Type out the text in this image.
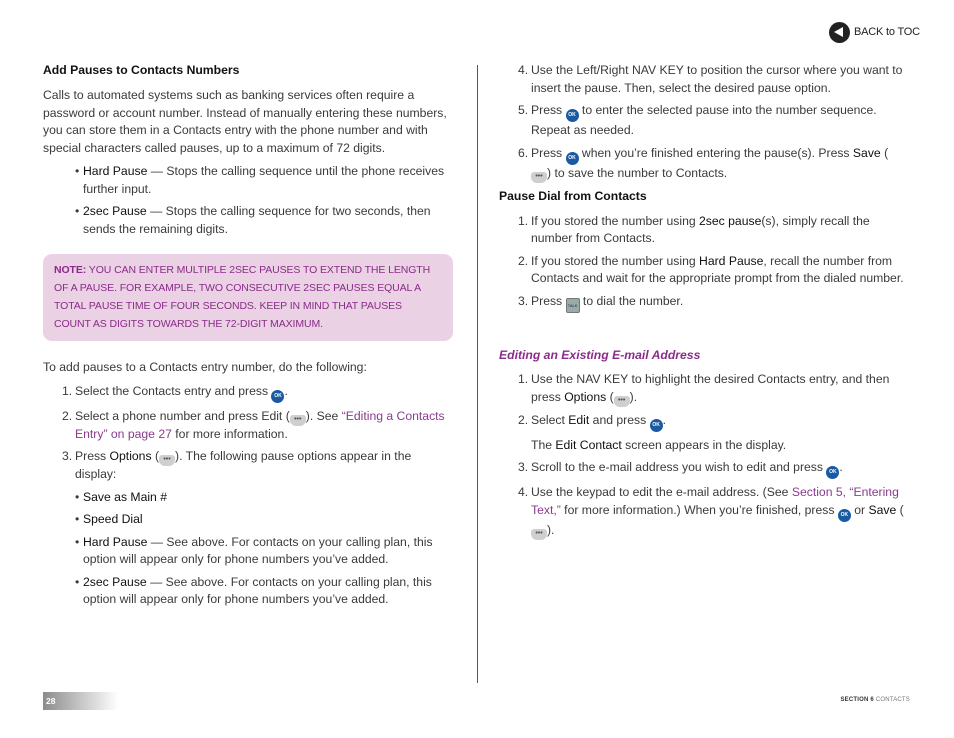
BACK to TOC
Add Pauses to Contacts Numbers

Calls to automated systems such as banking services often require a password or account number. Instead of manually entering these numbers, you can store them in a Contacts entry with the phone number and with special characters called pauses, up to a maximum of 72 digits.

• Hard Pause — Stops the calling sequence until the phone receives further input.
• 2sec Pause — Stops the calling sequence for two seconds, then sends the remaining digits.
NOTE: YOU CAN ENTER MULTIPLE 2SEC PAUSES TO EXTEND THE LENGTH OF A PAUSE. FOR EXAMPLE, TWO CONSECUTIVE 2SEC PAUSES EQUAL A TOTAL PAUSE TIME OF FOUR SECONDS. KEEP IN MIND THAT PAUSES COUNT AS DIGITS TOWARDS THE 72-DIGIT MAXIMUM.

To add pauses to a Contacts entry number, do the following:

1. Select the Contacts entry and press OK .
2. Select a phone number and press Edit ( ••• ). See “Editing a Contacts Entry” on page 27 for more information.
3. Press Options ( ••• ). The following pause options appear in the display:
• Save as Main #
• Speed Dial
• Hard Pause — See above. For contacts on your calling plan, this option will appear only for phone numbers you’ve added.
• 2sec Pause — See above. For contacts on your calling plan, this option will appear only for phone numbers you’ve added.
4. Use the Left/Right NAV KEY to position the cursor where you want to insert the pause. Then, select the desired pause option.
5. Press OK to enter the selected pause into the number sequence. Repeat as needed.
6. Press OK when you’re finished entering the pause(s). Press Save (••• ) to save the number to Contacts.
Pause Dial from Contacts
1. If you stored the number using 2sec pause(s), simply recall the number from Contacts.
2. If you stored the number using Hard Pause, recall the number from Contacts and wait for the appropriate prompt from the dialed number.
3. Press TALK to dial the number.
Editing an Existing E-mail Address
1. Use the NAV KEY to highlight the desired Contacts entry, and then press Options ( ••• ).
2. Select Edit and press OK .
The Edit Contact screen appears in the display.
3. Scroll to the e-mail address you wish to edit and press OK .
4. Use the keypad to edit the e-mail address. (See Section 5, “Entering Text,” for more information.) When you’re finished, press OK or Save (••• ).
28	SECTION 6 CONTACTS
